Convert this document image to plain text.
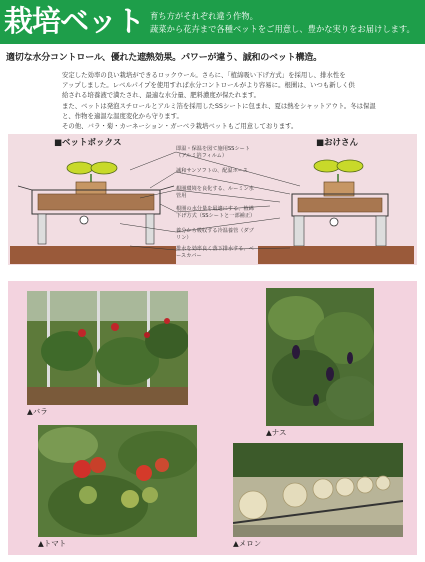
栽培ベット 育ち方がそれぞれ違う作物。
蔬菜から花卉まで各種ベットをご用意し、豊かな実りをお届けします。
適切な水分コントロール、優れた遮熱効果。パワーが違う、誠和のベット構造。

安定した効率の良い栽培ができるロックウール。さらに、「植綿吸い下げ方式」を採用し、排水性を

アップしました。レベルパイプを使用すれば水分コントロールがより容易に。根圏は、いつも新しく供

給される培養液で満たされ、最適な水分量、肥料濃度が保たれます。

また、ベットは発泡スチロールとアルミ箔を採用したSSシートに包まれ、夏は熱をシャットアウト。冬は保温

と、作物を適温な温度変化から守ります。

その他、バラ・菊・カーネーション・ガーベラ栽培ベットもご用意しております。

■ベットボックス	■おけさん
即温・保温を図て施用SSシート（アルミ箔フィルム）
誠和サンソフトの、配温ホース
根圏環境を良化する、ルーミン水管用
根圏の水分量を最適にする、植綿下げ方式（SSシートと一部補正）
養分から吸収する冷温養管（ダブリン）
排水を効率良く落下排水する、ベースカバー
▲バラ
▲ナス
▲トマト	▲メロン
